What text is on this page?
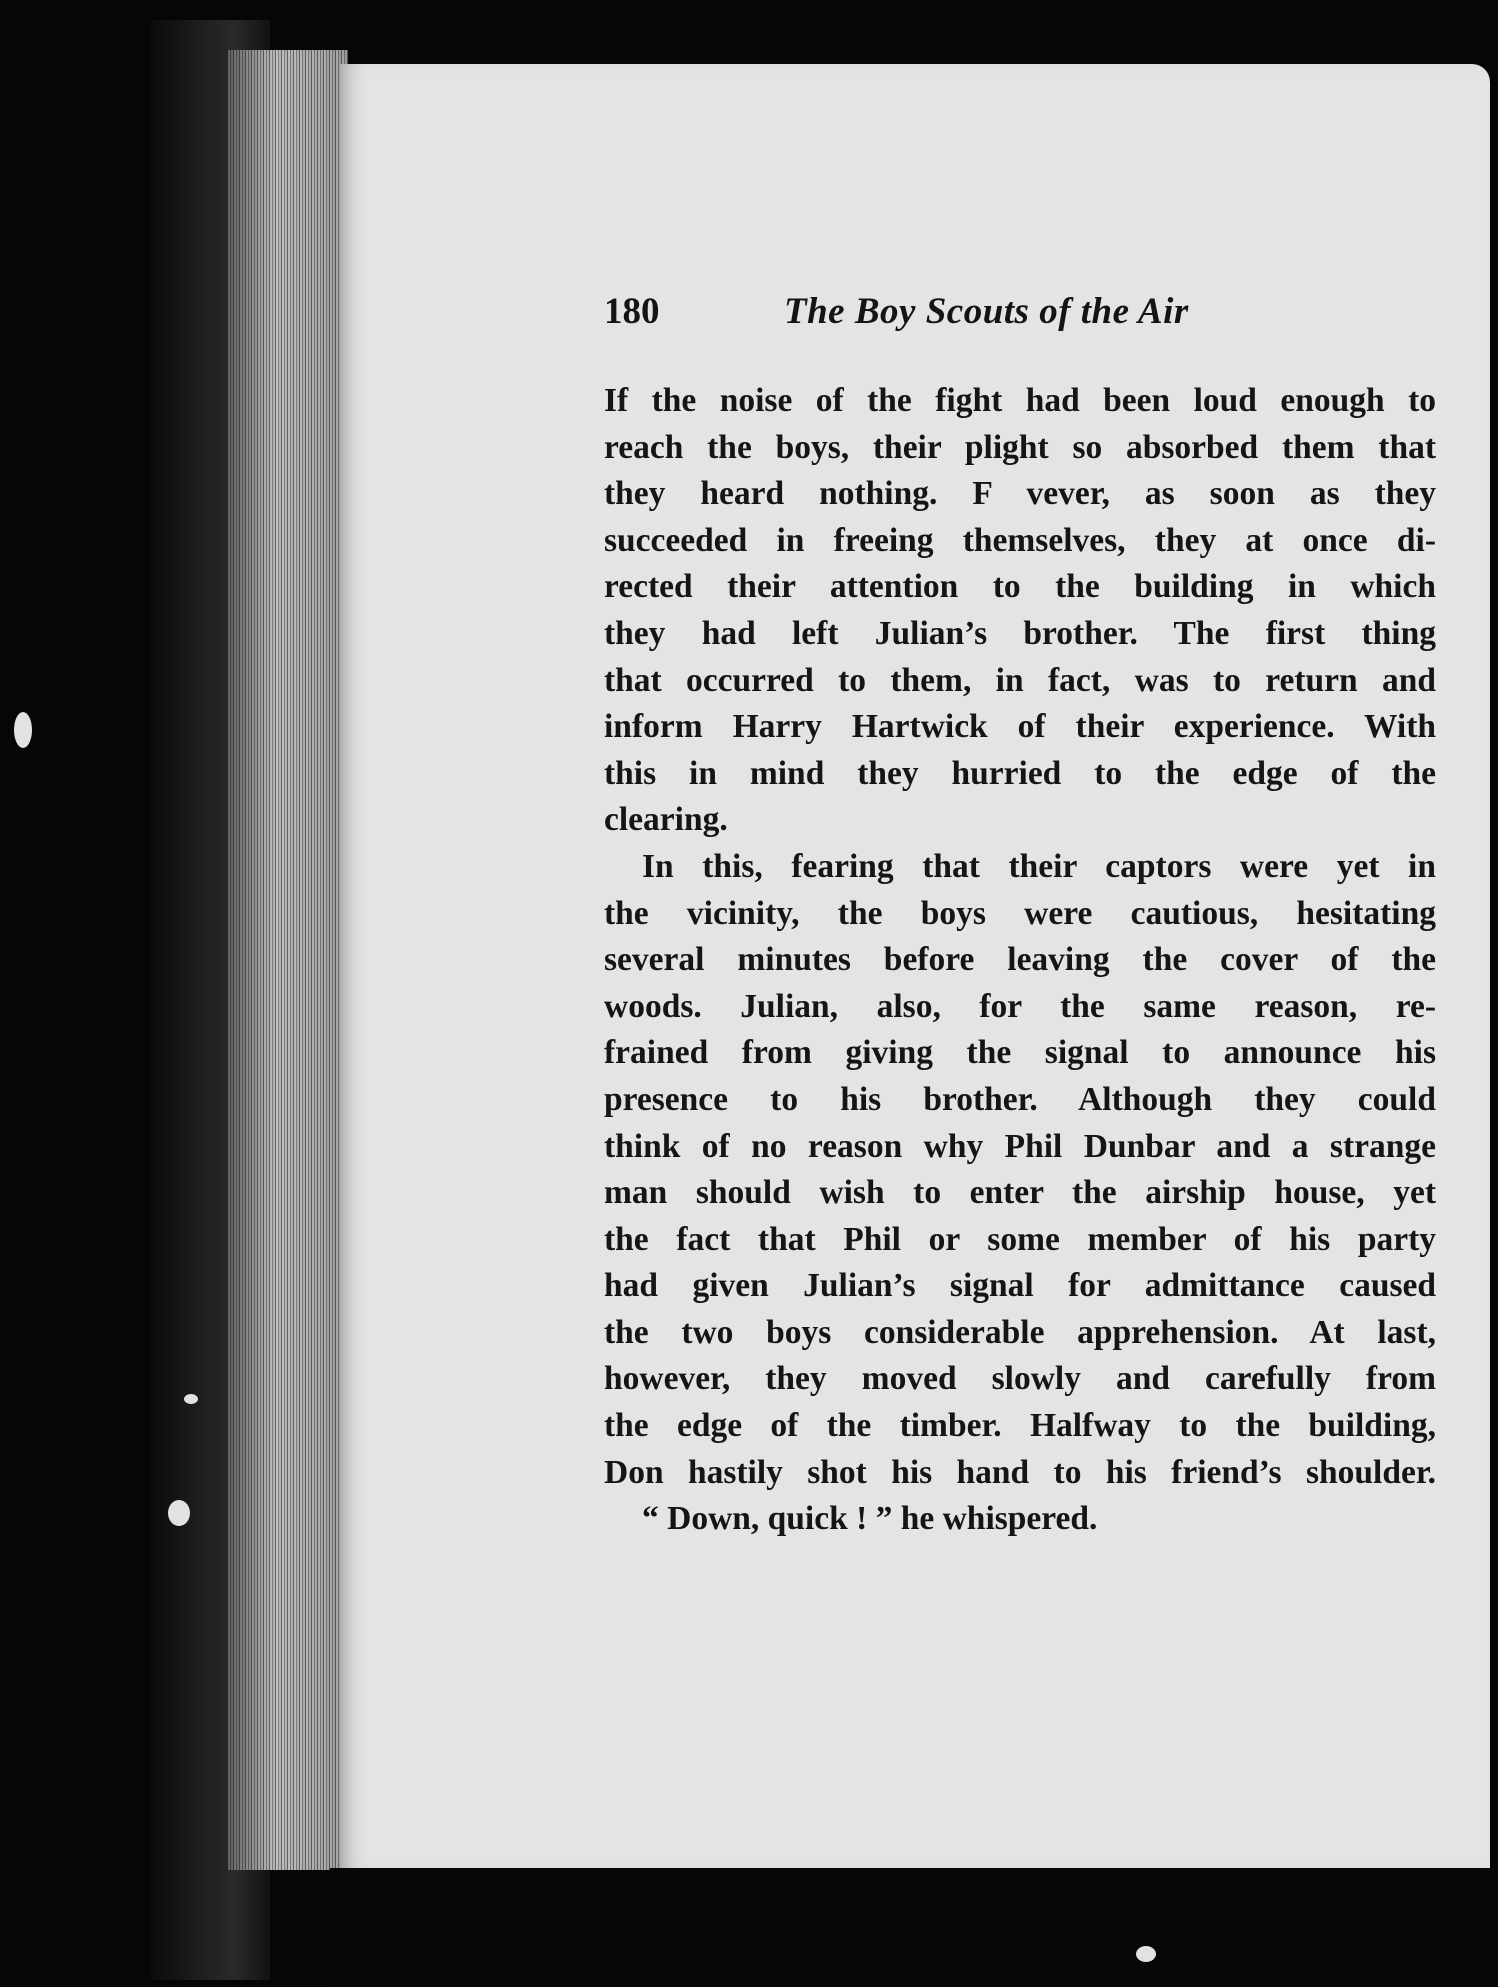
180	The Boy Scouts of the Air
If the noise of the fight had been loud enough to
reach the boys, their plight so absorbed them that
they heard nothing. F vever, as soon as they
succeeded in freeing themselves, they at once di-
rected their attention to the building in which
they had left Julian’s brother. The first thing
that occurred to them, in fact, was to return and
inform Harry Hartwick of their experience. With
this in mind they hurried to the edge of the
clearing.
In this, fearing that their captors were yet in
the vicinity, the boys were cautious, hesitating
several minutes before leaving the cover of the
woods. Julian, also, for the same reason, re-
frained from giving the signal to announce his
presence to his brother. Although they could
think of no reason why Phil Dunbar and a strange
man should wish to enter the airship house, yet
the fact that Phil or some member of his party
had given Julian’s signal for admittance caused
the two boys considerable apprehension. At last,
however, they moved slowly and carefully from
the edge of the timber. Halfway to the building,
Don hastily shot his hand to his friend’s shoulder.
“ Down, quick ! ” he whispered.
